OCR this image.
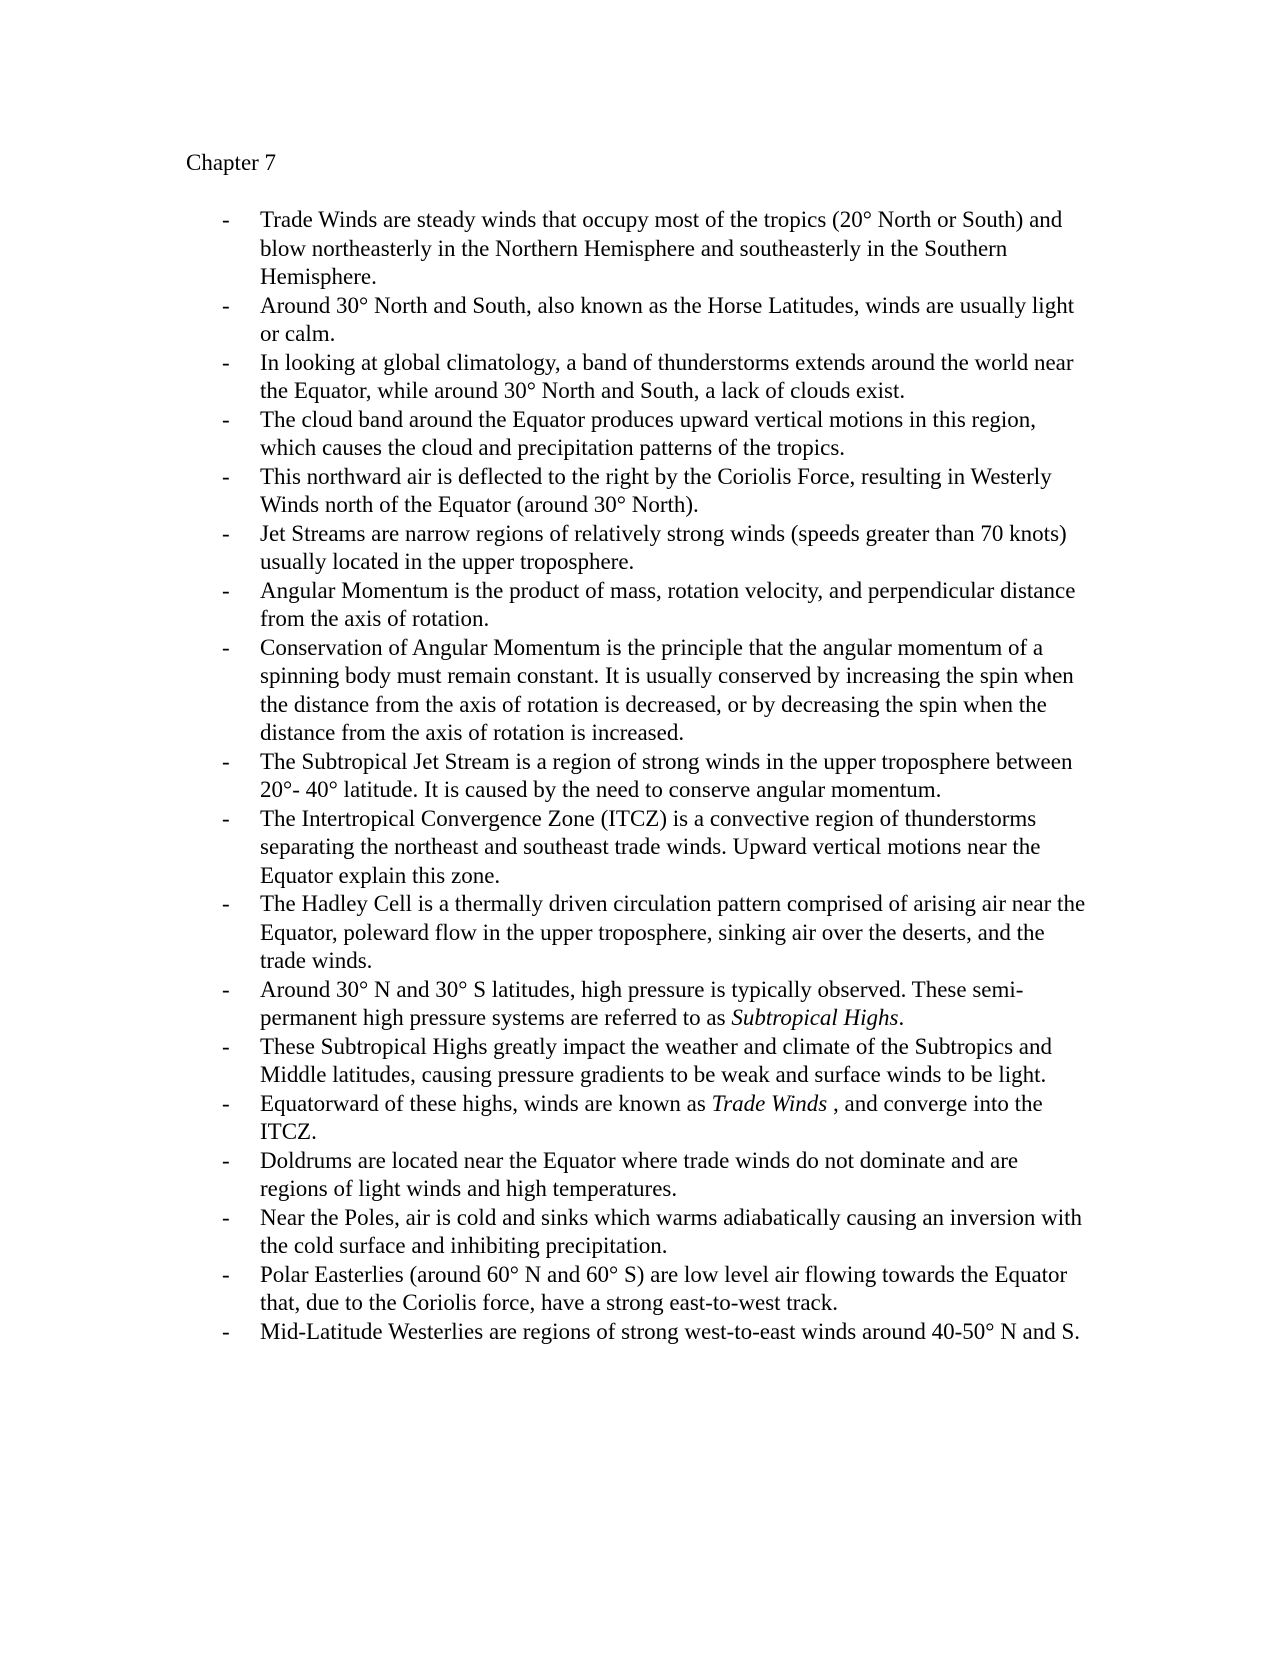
Chapter 7
- Trade Winds are steady winds that occupy most of the tropics (20° North or South) and blow northeasterly in the Northern Hemisphere and southeasterly in the Southern Hemisphere.
- Around 30° North and South, also known as the Horse Latitudes, winds are usually light or calm.
- In looking at global climatology, a band of thunderstorms extends around the world near the Equator, while around 30° North and South, a lack of clouds exist.
- The cloud band around the Equator produces upward vertical motions in this region, which causes the cloud and precipitation patterns of the tropics.
- This northward air is deflected to the right by the Coriolis Force, resulting in Westerly Winds north of the Equator (around 30° North).
- Jet Streams are narrow regions of relatively strong winds (speeds greater than 70 knots) usually located in the upper troposphere.
- Angular Momentum is the product of mass, rotation velocity, and perpendicular distance from the axis of rotation.
- Conservation of Angular Momentum is the principle that the angular momentum of a spinning body must remain constant. It is usually conserved by increasing the spin when the distance from the axis of rotation is decreased, or by decreasing the spin when the distance from the axis of rotation is increased.
- The Subtropical Jet Stream is a region of strong winds in the upper troposphere between 20°- 40° latitude. It is caused by the need to conserve angular momentum.
- The Intertropical Convergence Zone (ITCZ) is a convective region of thunderstorms separating the northeast and southeast trade winds. Upward vertical motions near the Equator explain this zone.
- The Hadley Cell is a thermally driven circulation pattern comprised of arising air near the Equator, poleward flow in the upper troposphere, sinking air over the deserts, and the trade winds.
- Around 30° N and 30° S latitudes, high pressure is typically observed. These semi-permanent high pressure systems are referred to as Subtropical Highs.
- These Subtropical Highs greatly impact the weather and climate of the Subtropics and Middle latitudes, causing pressure gradients to be weak and surface winds to be light.
- Equatorward of these highs, winds are known as Trade Winds , and converge into the ITCZ.
- Doldrums are located near the Equator where trade winds do not dominate and are regions of light winds and high temperatures.
- Near the Poles, air is cold and sinks which warms adiabatically causing an inversion with the cold surface and inhibiting precipitation.
- Polar Easterlies (around 60° N and 60° S) are low level air flowing towards the Equator that, due to the Coriolis force, have a strong east-to-west track.
- Mid-Latitude Westerlies are regions of strong west-to-east winds around 40-50° N and S.
